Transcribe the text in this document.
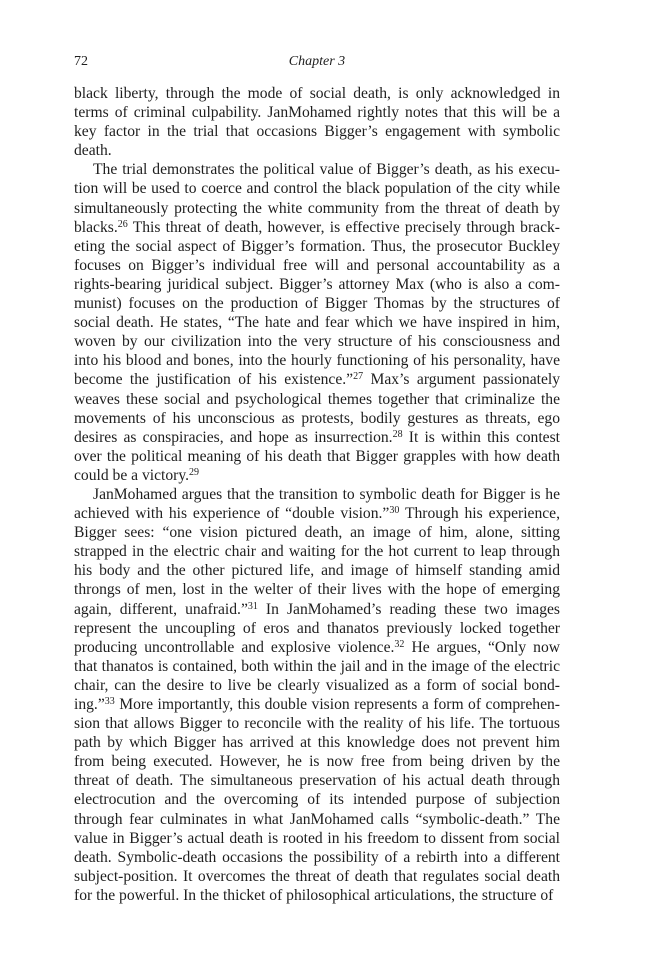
72	Chapter 3

black liberty, through the mode of social death, is only acknowledged in terms of criminal culpability. JanMohamed rightly notes that this will be a key factor in the trial that occasions Bigger’s engagement with symbolic death.

The trial demonstrates the political value of Bigger’s death, as his execu-tion will be used to coerce and control the black population of the city while simultaneously protecting the white community from the threat of death by blacks.$^{26}$ This threat of death, however, is effective precisely through brack-eting the social aspect of Bigger’s formation. Thus, the prosecutor Buckley focuses on Bigger’s individual free will and personal accountability as a rights-bearing juridical subject. Bigger’s attorney Max (who is also a com-munist) focuses on the production of Bigger Thomas by the structures of social death. He states, “The hate and fear which we have inspired in him, woven by our civilization into the very structure of his consciousness and into his blood and bones, into the hourly functioning of his personality, have become the justification of his existence.”$^{27}$ Max’s argument passionately weaves these social and psychological themes together that criminalize the movements of his unconscious as protests, bodily gestures as threats, ego desires as conspiracies, and hope as insurrection.$^{28}$ It is within this contest over the political meaning of his death that Bigger grapples with how death could be a victory.$^{29}$

JanMohamed argues that the transition to symbolic death for Bigger is he achieved with his experience of “double vision.”$^{30}$ Through his experience, Bigger sees: “one vision pictured death, an image of him, alone, sitting strapped in the electric chair and waiting for the hot current to leap through his body and the other pictured life, and image of himself standing amid throngs of men, lost in the welter of their lives with the hope of emerging again, different, unafraid.”$^{31}$ In JanMohamed’s reading these two images represent the uncoupling of eros and thanatos previously locked together producing uncontrollable and explosive violence.$^{32}$ He argues, “Only now that thanatos is contained, both within the jail and in the image of the electric chair, can the desire to live be clearly visualized as a form of social bond-ing.”$^{33}$ More importantly, this double vision represents a form of comprehen-sion that allows Bigger to reconcile with the reality of his life. The tortuous path by which Bigger has arrived at this knowledge does not prevent him from being executed. However, he is now free from being driven by the threat of death. The simultaneous preservation of his actual death through electrocution and the overcoming of its intended purpose of subjection through fear culminates in what JanMohamed calls “symbolic-death.” The value in Bigger’s actual death is rooted in his freedom to dissent from social death. Symbolic-death occasions the possibility of a rebirth into a different subject-position. It overcomes the threat of death that regulates social death for the powerful. In the thicket of philosophical articulations, the structure of
